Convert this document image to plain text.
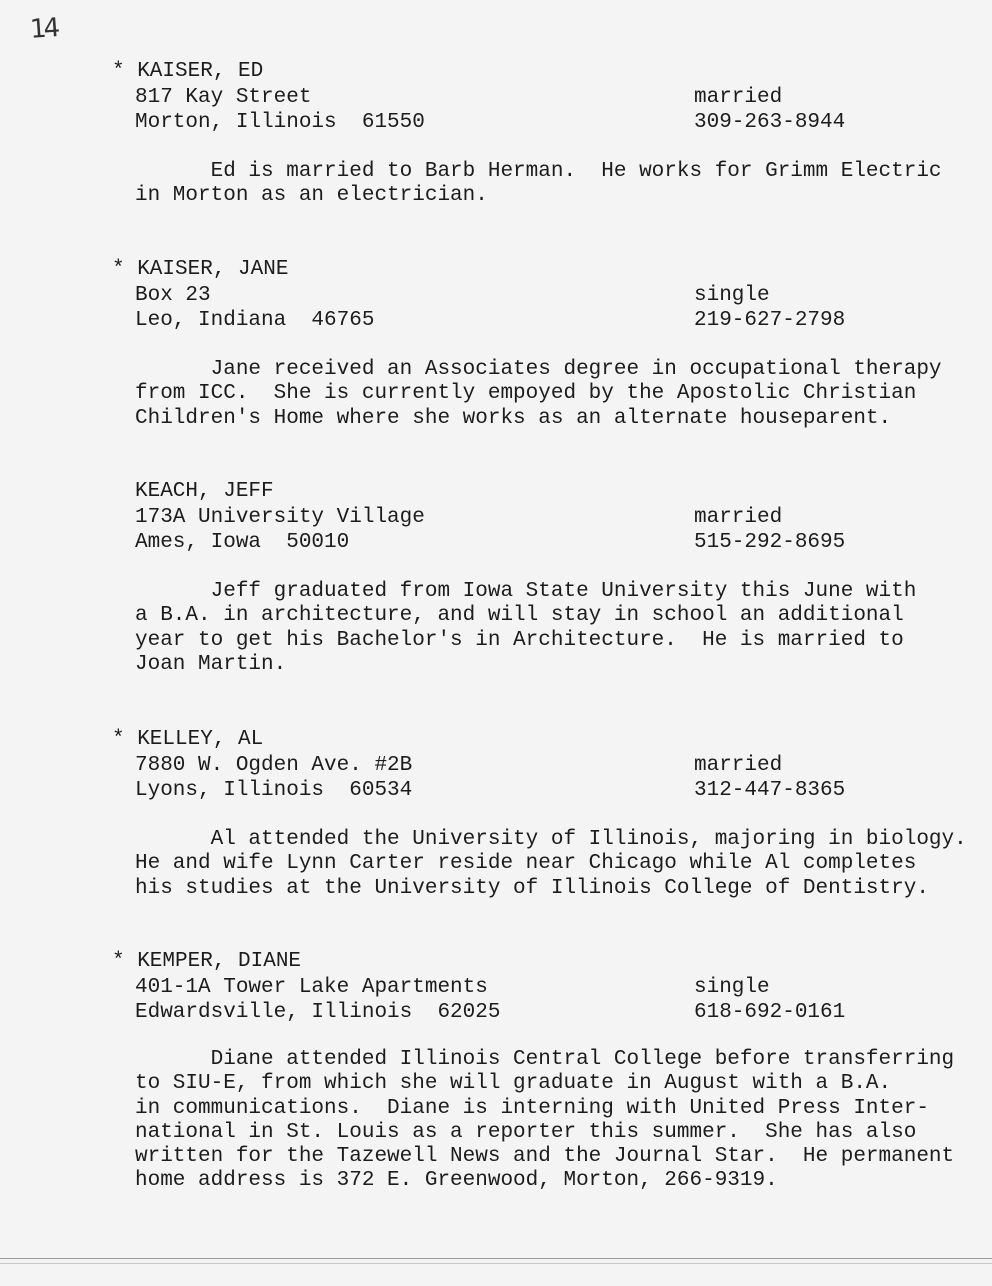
14
* KAISER, ED
817 Kay Street	married
Morton, Illinois  61550	309-263-8944
Ed is married to Barb Herman.  He works for Grimm Electric
in Morton as an electrician.
* KAISER, JANE
Box 23	single
Leo, Indiana  46765	219-627-2798
Jane received an Associates degree in occupational therapy
from ICC.  She is currently empoyed by the Apostolic Christian
Children's Home where she works as an alternate houseparent.
KEACH, JEFF
173A University Village	married
Ames, Iowa  50010	515-292-8695
Jeff graduated from Iowa State University this June with
a B.A. in architecture, and will stay in school an additional
year to get his Bachelor's in Architecture.  He is married to
Joan Martin.
* KELLEY, AL
7880 W. Ogden Ave. #2B	married
Lyons, Illinois  60534	312-447-8365
Al attended the University of Illinois, majoring in biology.
He and wife Lynn Carter reside near Chicago while Al completes
his studies at the University of Illinois College of Dentistry.
* KEMPER, DIANE
401-1A Tower Lake Apartments	single
Edwardsville, Illinois  62025	618-692-0161
Diane attended Illinois Central College before transferring
to SIU-E, from which she will graduate in August with a B.A.
in communications.  Diane is interning with United Press Inter-
national in St. Louis as a reporter this summer.  She has also
written for the Tazewell News and the Journal Star.  He permanent
home address is 372 E. Greenwood, Morton, 266-9319.
